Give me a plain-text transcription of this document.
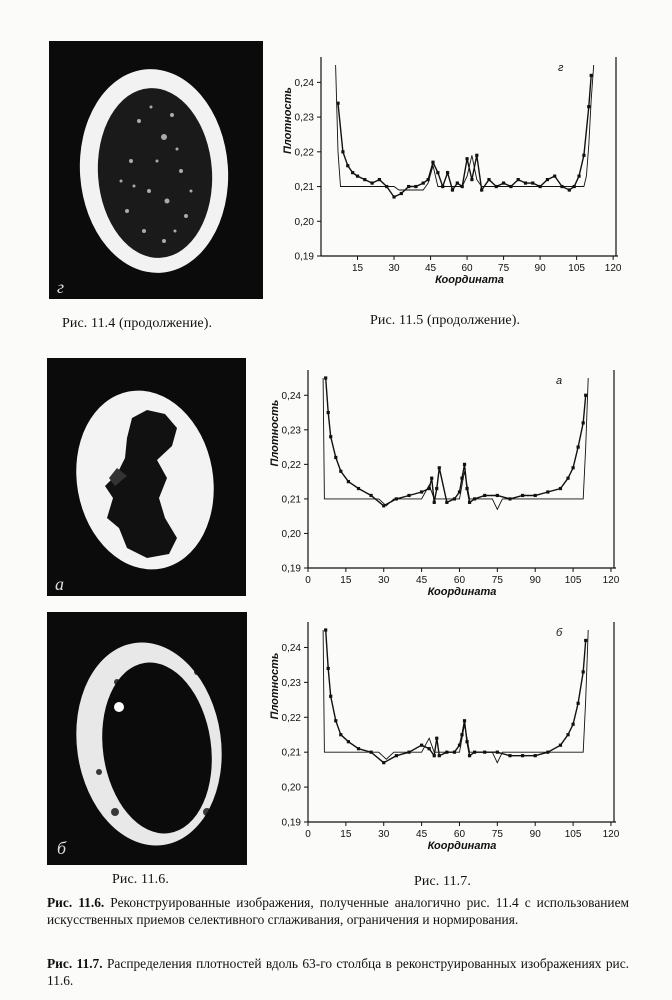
г
Рис. 11.4 (продолжение).
0,19
0,20
0,21
0,22
0,23
0,24
15	30	45	60	75	90 105 120
Координата
Плотность
г
Рис. 11.5 (продолжение).
а
0,19
0,20
0,21
0,22
0,23
0,24
0	15	30	45	60	75	90 105 120
Координата
Плотность
а
б
0,19
0,20
0,21
0,22
0,23
0,24
0	15	30	45	60	75	90 105 120
Координата
Плотность
б
Рис. 11.6.	Рис. 11.7.
Рис. 11.6. Реконструированные изображения, полученные аналогично рис. 11.4 с использованием искусственных приемов селективного сглаживания, ограничения и нормирования.
Рис. 11.7. Распределения плотностей вдоль 63-го столбца в реконструированных изображениях рис. 11.6.
